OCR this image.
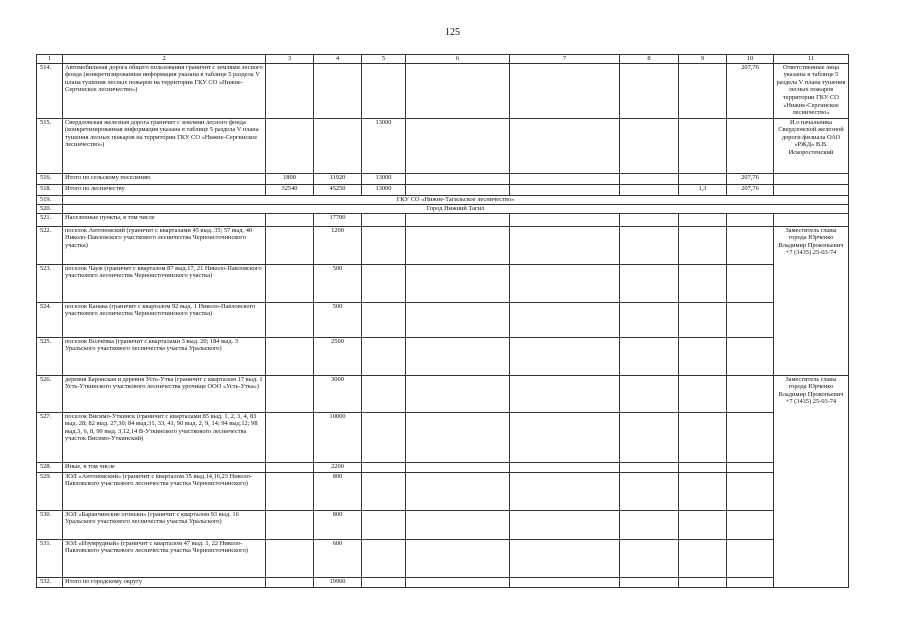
125
1	2	3	4	5	6	7	8	9	10	11
514.	Автомобильная дорога общего пользования граничит с землями лесного фонда (конкретизированная информация указана в таблице 5 раздела V плана тушения лесных пожаров на территории ГКУ СО «Нижне-Сергинское лесничество»)								207,76	Ответственные лица указаны в таблице 5 раздела V плана тушения лесных пожаров территории ГКУ СО «Нижне-Сергинское лесничество»
515.	Свердловская железная дорога граничит с землями лесного фонда (конкретизированная информация указана в таблице 5 раздела V плана тушения лесных пожаров на территории ГКУ СО «Нижне-Сергинское лесничество»)			13000						И.о начальника Свердловской железной дороги филиала ОАО «РЖД» В.В. Искоростенский
516.	Итого по сельскому поселению	1800	11920	13000					207,76	
518.	Итого по лесничеству	32540	45250	13000				1,3	207,76	
519.	ГКУ СО «Нижне-Тагильское лесничество»									
520.	Город Нижний Тагил									
521.	Населенные пункты, в том числе		17700							
522.	поселок Антоновский (граничит с кварталами 45 выд. 35; 57 выд. 40 Николо-Павловского участкового лесничества Черноисточинского участка)		1200							Заместитель главы города Юрченко Владимир Прокопьевич +7 (3435) 25-03-74
523.	поселок Чауж (граничит с кварталом 87 выд.17, 21 Николо-Павловского участкового лесничества Черноисточинского участка)		500							
524.	поселок Канава (граничит с кварталом 92 выд. 1 Николо-Павловского участкового лесничества Черноисточинского участка)		500							
525.	поселок Волчёвка (граничит с кварталами 3 выд. 20; 184 выд. 3 Уральского участкового лесничества участка Уральского)		2500							
526.	деревня Баронская и деревня Усть-Утка (граничит с кварталом 17 выд. 1 Усть-Уткинского участкового лесничества урочище ООО «Усть-Утка»)		3000							Заместитель главы города Юрченко Владимир Прокопьевич +7 (3435) 25-03-74
527.	поселок Висимо-Уткинск (граничит с кварталами 85 выд. 1, 2, 3, 4, 83 выд. 28; 82 выд. 27,30; 84 выд.31, 33, 41, 90 выд. 2, 9, 14; 94 выд.12; 98 выд.3, 6, 8, 99 выд. 3,12,14 В-Уткинского участкового лесничества участок Висимо-Уткинский)		10000							
528.	Иные, в том числе		2200							
529.	ЗОЛ «Антоновский» (граничит с кварталом 35 выд.14,16,23 Николо-Павловского участкового лесничества участка Черноисточинского)		800							
530.	ЗОЛ «Баранчинские огоньки» (граничит с кварталом 93 выд. 16 Уральского участкового лесничества участка Уральского)		800							
531.	ЗОЛ «Изумрудный» (граничит с кварталом 47 выд. 1, 22 Николо-Павловского участкового лесничества участка Черноисточинского)		600							
532.	Итого по городскому округу		19900							
